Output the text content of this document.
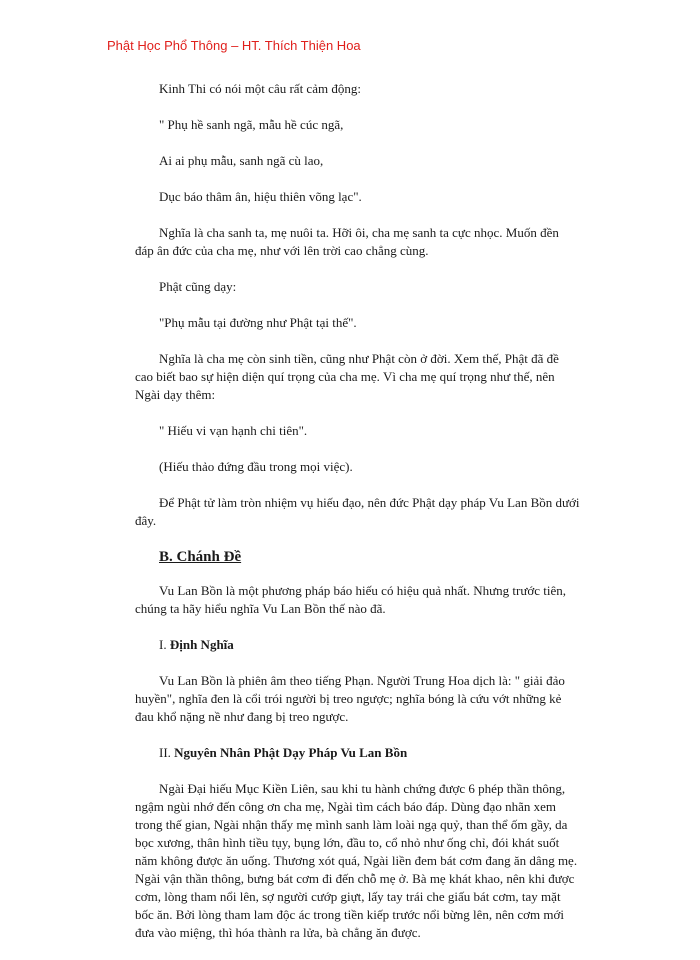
Phật Học Phổ Thông – HT. Thích Thiện Hoa

Kinh Thi có nói một câu rất cảm động:

" Phụ hề sanh ngã, mẫu hề cúc ngã,

Ai ai phụ mẫu, sanh ngã cù lao,

Dục báo thâm ân, hiệu thiên võng lạc".

Nghĩa là cha sanh ta, mẹ nuôi ta. Hỡi ôi, cha mẹ sanh ta cực nhọc. Muốn đền đáp ân đức của cha mẹ, như với lên trời cao chẳng cùng.

Phật cũng dạy:

"Phụ mẫu tại đường như Phật tại thế".

Nghĩa là cha mẹ còn sinh tiền, cũng như Phật còn ở đời. Xem thế, Phật đã đề cao biết bao sự hiện diện quí trọng của cha mẹ. Vì cha mẹ quí trọng như thế, nên Ngài dạy thêm:

" Hiếu vi vạn hạnh chi tiên".

(Hiếu thảo đứng đầu trong mọi việc).

Để Phật tử làm tròn nhiệm vụ hiếu đạo, nên đức Phật dạy pháp Vu Lan Bồn dưới đây.

B. Chánh Đề

Vu Lan Bồn là một phương pháp báo hiếu có hiệu quả nhất. Nhưng trước tiên, chúng ta hãy hiểu nghĩa Vu Lan Bồn thế nào đã.

I. Định Nghĩa

Vu Lan Bồn là phiên âm theo tiếng Phạn. Người Trung Hoa dịch là: " giải đảo huyền", nghĩa đen là cổi trói người bị treo ngược; nghĩa bóng là cứu vớt những kẻ đau khổ nặng nề như đang bị treo ngược.

II. Nguyên Nhân Phật Dạy Pháp Vu Lan Bồn

Ngài Đại hiếu Mục Kiền Liên, sau khi tu hành chứng được 6 phép thần thông, ngậm ngùi nhớ đến công ơn cha mẹ, Ngài tìm cách báo đáp. Dùng đạo nhãn xem trong thế gian, Ngài nhận thấy mẹ mình sanh làm loài ngạ quỷ, than thể ốm gầy, da bọc xương, thân hình tiều tụy, bụng lớn, đầu to, cổ nhỏ như ống chỉ, đói khát suốt năm không được ăn uống. Thương xót quá, Ngài liền đem bát cơm đang ăn dâng mẹ. Ngài vận thần thông, bưng bát cơm đi đến chỗ mẹ ở. Bà mẹ khát khao, nên khi được cơm, lòng tham nổi lên, sợ người cướp giựt, lấy tay trái che giấu bát cơm, tay mặt bốc ăn. Bởi lòng tham lam độc ác trong tiền kiếp trước nổi bừng lên, nên cơm mới đưa vào miệng, thì hóa thành ra lửa, bà chẳng ăn được.
